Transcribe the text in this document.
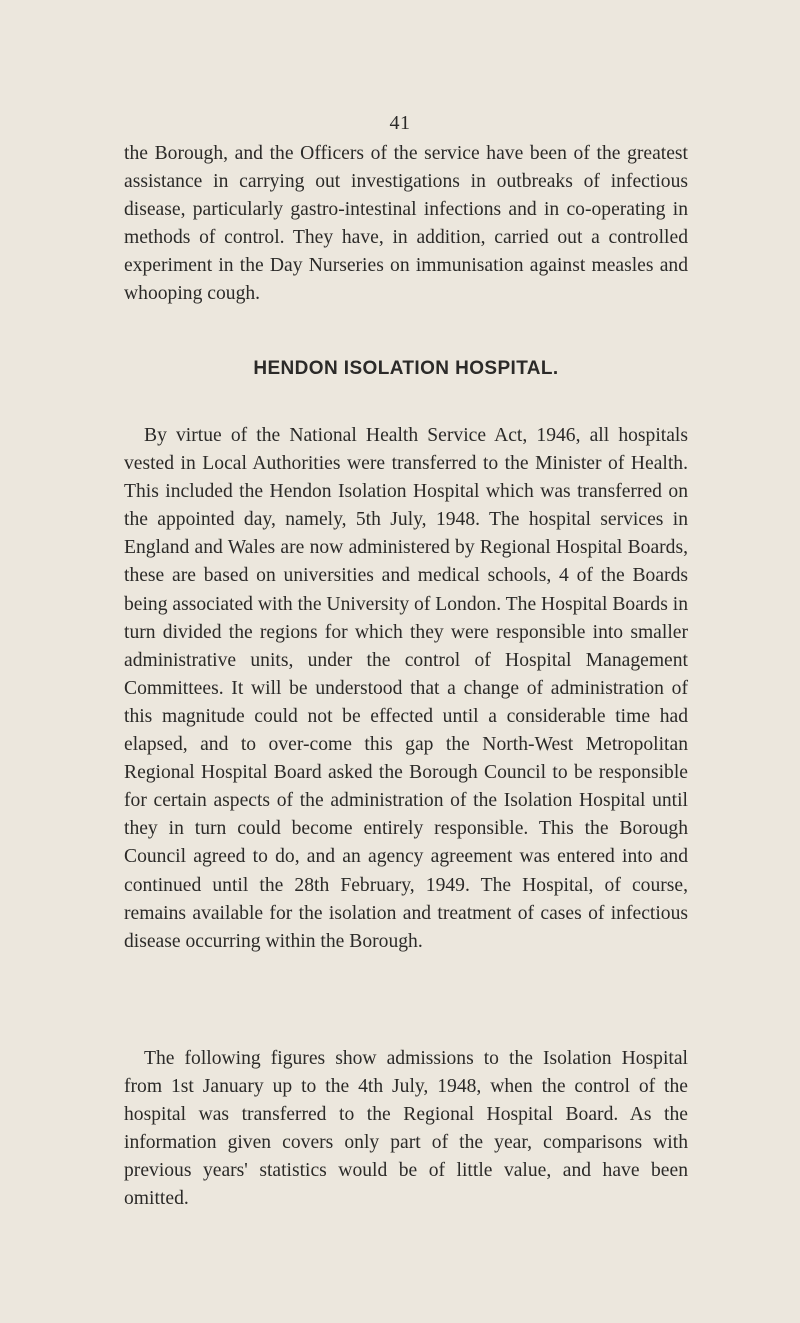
41

the Borough, and the Officers of the service have been of the greatest assistance in carrying out investigations in outbreaks of infectious disease, particularly gastro-intestinal infections and in co-operating in methods of control. They have, in addition, carried out a controlled experiment in the Day Nurseries on immunisation against measles and whooping cough.

HENDON ISOLATION HOSPITAL.

By virtue of the National Health Service Act, 1946, all hospitals vested in Local Authorities were transferred to the Minister of Health. This included the Hendon Isolation Hospital which was transferred on the appointed day, namely, 5th July, 1948. The hospital services in England and Wales are now administered by Regional Hospital Boards, these are based on universities and medical schools, 4 of the Boards being associated with the University of London. The Hospital Boards in turn divided the regions for which they were responsible into smaller administrative units, under the control of Hospital Management Committees. It will be understood that a change of administration of this magnitude could not be effected until a considerable time had elapsed, and to over-come this gap the North-West Metropolitan Regional Hospital Board asked the Borough Council to be responsible for certain aspects of the administration of the Isolation Hospital until they in turn could become entirely responsible. This the Borough Council agreed to do, and an agency agreement was entered into and continued until the 28th February, 1949. The Hospital, of course, remains available for the isolation and treatment of cases of infectious disease occurring within the Borough.

The following figures show admissions to the Isolation Hospital from 1st January up to the 4th July, 1948, when the control of the hospital was transferred to the Regional Hospital Board. As the information given covers only part of the year, comparisons with previous years' statistics would be of little value, and have been omitted.
